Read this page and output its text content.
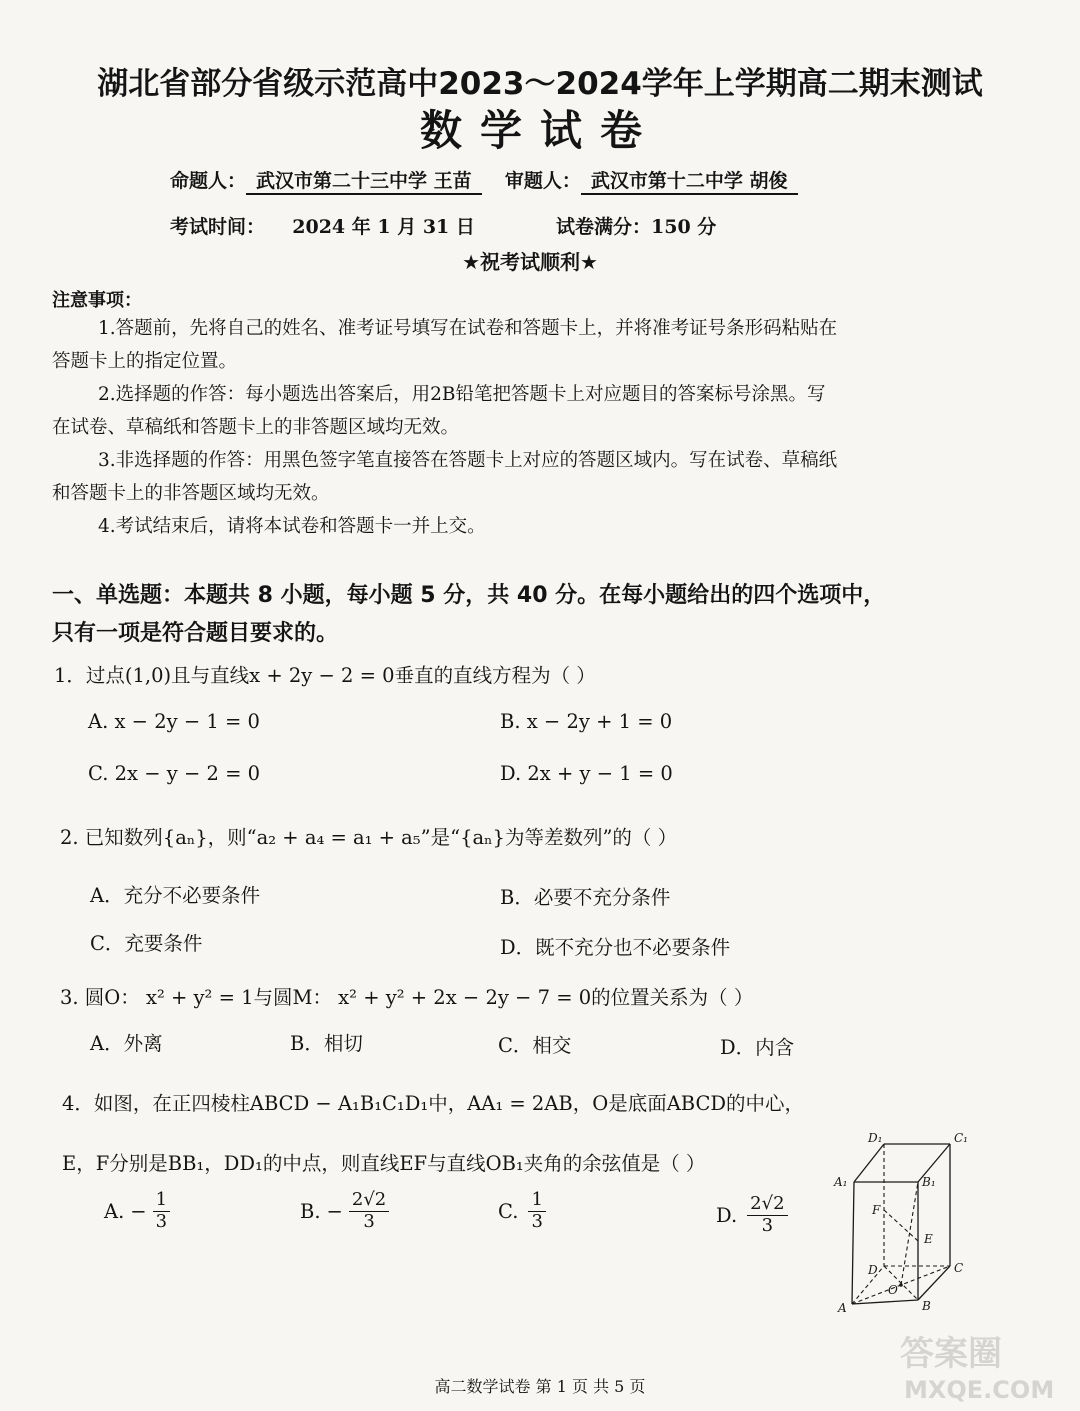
湖北省部分省级示范高中2023～2024学年上学期高二期末测试
数学试卷
命题人： 武汉市第二十三中学 王苗 审题人： 武汉市第十二中学 胡俊
考试时间： 2024 年 1 月 31 日	试卷满分：150 分
★祝考试顺利★
注意事项：
1.答题前，先将自己的姓名、准考证号填写在试卷和答题卡上，并将准考证号条形码粘贴在
答题卡上的指定位置。
2.选择题的作答：每小题选出答案后，用2B铅笔把答题卡上对应题目的答案标号涂黑。写
在试卷、草稿纸和答题卡上的非答题区域均无效。
3.非选择题的作答：用黑色签字笔直接答在答题卡上对应的答题区域内。写在试卷、草稿纸
和答题卡上的非答题区域均无效。
4.考试结束后，请将本试卷和答题卡一并上交。
一、单选题：本题共 8 小题，每小题 5 分，共 40 分。在每小题给出的四个选项中，
只有一项是符合题目要求的。
1．过点(1,0)且与直线x + 2y − 2 = 0垂直的直线方程为（ ）
A. x − 2y − 1 = 0	B. x − 2y + 1 = 0
C. 2x − y − 2 = 0	D. 2x + y − 1 = 0
2. 已知数列{aₙ}，则“a₂ + a₄ = a₁ + a₅”是“{aₙ}为等差数列”的（ ）
A．充分不必要条件	B．必要不充分条件
C．充要条件	D．既不充分也不必要条件
3. 圆O： x² + y² = 1与圆M： x² + y² + 2x − 2y − 7 = 0的位置关系为（ ）
A．外离	B．相切	C．相交	D．内含
4．如图，在正四棱柱ABCD − A₁B₁C₁D₁中，AA₁ = 2AB，O是底面ABCD的中心，
E，F分别是BB₁，DD₁的中点，则直线EF与直线OB₁夹角的余弦值是（ ）
A. − $\frac{1}{3}$	B. − $\frac{2√2}{3}$	C. $\frac{1}{3}$	D. $\frac{2√2}{3}$
D₁	C₁
A₁	B₁
F
E
D	C
O
A	B
答案圈
MXQE.COM
高二数学试卷 第 1 页 共 5 页
